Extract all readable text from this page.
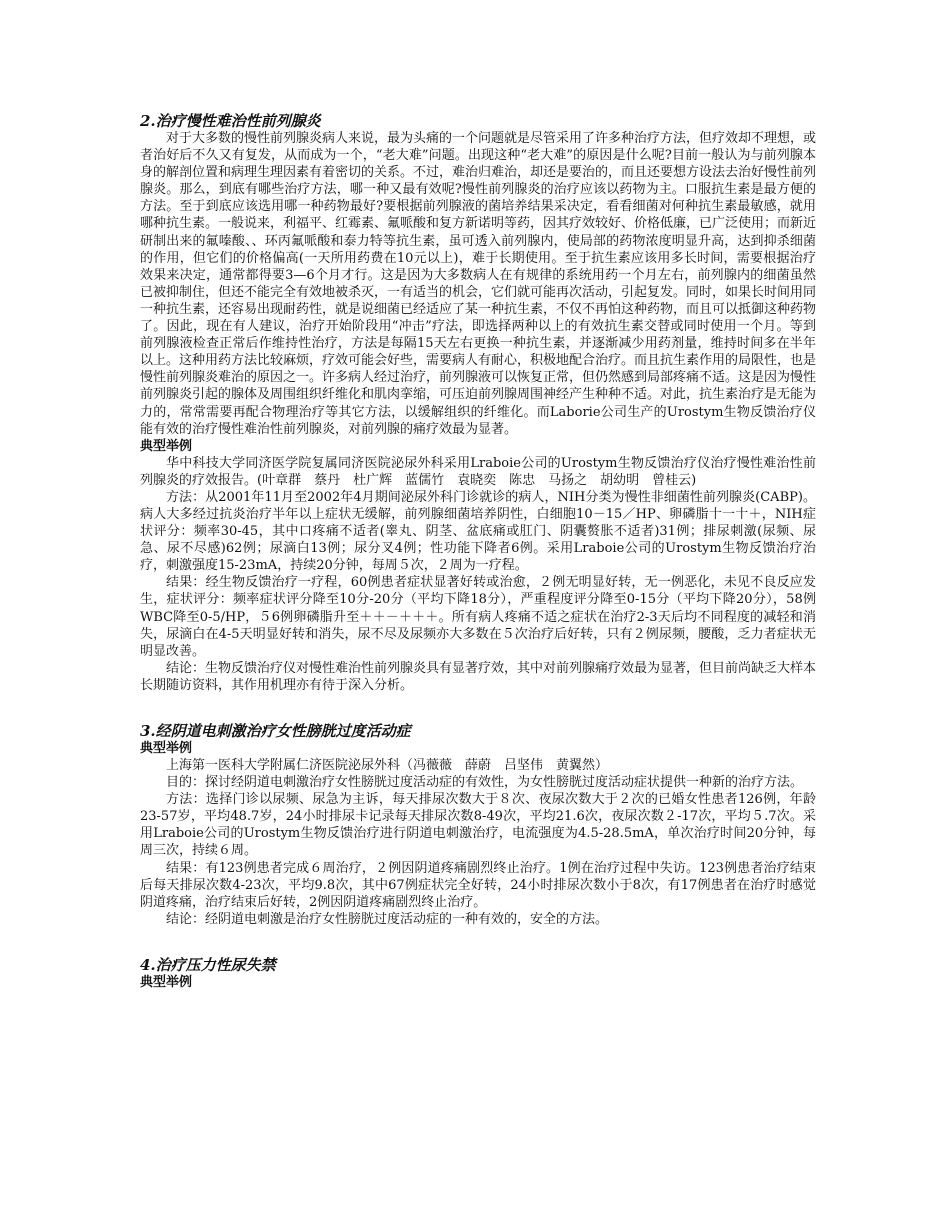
2.治疗慢性难治性前列腺炎

对于大多数的慢性前列腺炎病人来说，最为头痛的一个问题就是尽管采用了许多种治疗方法，但疗效却不理想，或者治好后不久又有复发，从而成为一个，“老大难”问题。出现这种“老大难”的原因是什么呢?目前一般认为与前列腺本身的解剖位置和病理生理因素有着密切的关系。不过，难治归难治，却还是要治的，而且还要想方设法去治好慢性前列腺炎。那么，到底有哪些治疗方法，哪一种又最有效呢?慢性前列腺炎的治疗应该以药物为主。口服抗生素是最方便的方法。至于到底应该选用哪一种药物最好?要根据前列腺液的菌培养结果采决定，看看细菌对何种抗生素最敏感，就用哪种抗生素。一般说来，利福平、红霉素、氟哌酸和复方新诺明等药，因其疗效较好、价格低廉，已广泛使用；而新近研制出来的氟嗪酸、、环丙氟哌酸和泰力特等抗生素，虽可透入前列腺内，使局部的药物浓度明显升高，达到抑杀细菌的作用，但它们的价格偏高(一天所用药费在10元以上)，难于长期使用。至于抗生素应该用多长时间，需要根据治疗效果来决定，通常都得要3—6个月才行。这是因为大多数病人在有规律的系统用药一个月左右，前列腺内的细菌虽然已被抑制住，但还不能完全有效地被杀灭，一有适当的机会，它们就可能再次活动，引起复发。同时，如果长时间用同一种抗生素，还容易出现耐药性，就是说细菌已经适应了某一种抗生素，不仅不再怕这种药物，而且可以抵御这种药物了。因此，现在有人建议，治疗开始阶段用“冲击”疗法，即选择两种以上的有效抗生素交替或同时使用一个月。等到前列腺液检查正常后作维持性治疗，方法是每隔15天左右更换一种抗生素，并逐渐减少用药剂量，维持时间多在半年以上。这种用药方法比较麻烦，疗效可能会好些，需要病人有耐心，积极地配合治疗。而且抗生素作用的局限性，也是慢性前列腺炎难治的原因之一。许多病人经过治疗，前列腺液可以恢复正常，但仍然感到局部疼痛不适。这是因为慢性前列腺炎引起的腺体及周围组织纤维化和肌肉挛缩，可压迫前列腺周围神经产生种种不适。对此，抗生素治疗是无能为力的，常常需要再配合物理治疗等其它方法，以缓解组织的纤维化。而Laborie公司生产的Urostym生物反馈治疗仪能有效的治疗慢性难治性前列腺炎，对前列腺的痛疗效最为显著。

典型举例

华中科技大学同济医学院复属同济医院泌尿外科采用Lraboie公司的Urostym生物反馈治疗仪治疗慢性难治性前列腺炎的疗效报告。(叶章群　蔡丹　杜广辉　蓝儒竹　袁晓奕　陈忠　马扬之　胡幼明　曾桂云)

方法：从2001年11月至2002年4月期间泌尿外科门诊就诊的病人，NIH分类为慢性非细菌性前列腺炎(CABP)。病人大多经过抗炎治疗半年以上症状无缓解，前列腺细菌培养阴性，白细胞10－15／HP、卵磷脂十一十＋，NIH症状评分：频率30-45，其中口疼痛不适者(睾丸、阴茎、盆底痛或肛门、阴囊赘胀不适者)31例；排尿刺激(尿频、尿急、尿不尽感)62例；尿滴白13例；尿分叉4例；性功能下降者6例。采用Lraboie公司的Urostym生物反馈治疗治疗，刺激强度15-23mA，持续20分钟，每周５次，２周为一疗程。

结果：经生物反馈治疗一疗程，60例患者症状显著好转或治愈，２例无明显好转，无一例恶化，未见不良反应发生，症状评分：频率症状评分降至10分-20分（平均下降18分），严重程度评分降至0-15分（平均下降20分），58例WBC降至0-5/HP，５6例卵磷脂升至＋＋－＋＋＋。所有病人疼痛不适之症状在治疗2-3天后均不同程度的减轻和消失，尿滴白在4-5天明显好转和消失，尿不尽及尿频亦大多数在５次治疗后好转，只有２例尿频，腰酸，乏力者症状无明显改善。

结论：生物反馈治疗仪对慢性难治性前列腺炎具有显著疗效，其中对前列腺痛疗效最为显著，但目前尚缺乏大样本长期随访资料，其作用机理亦有待于深入分析。

3.经阴道电刺激治疗女性膀胱过度活动症
典型举例

上海第一医科大学附属仁济医院泌尿外科（冯薇薇　薛蔚　吕坚伟　黄翼然）

目的：探讨经阴道电刺激治疗女性膀胱过度活动症的有效性，为女性膀胱过度活动症状提供一种新的治疗方法。

方法：选择门诊以尿频、尿急为主诉，每天排尿次数大于８次、夜尿次数大于２次的已婚女性患者126例，年龄23-57岁，平均48.7岁，24小时排尿卡记录每天排尿次数8-49次，平均21.6次，夜尿次数２-17次，平均５.7次。采用Lraboie公司的Urostym生物反馈治疗进行阴道电刺激治疗，电流强度为4.5-28.5mA，单次治疗时间20分钟，每周三次，持续６周。

结果：有123例患者完成６周治疗，２例因阴道疼痛剧烈终止治疗。1例在治疗过程中失访。123例患者治疗结束后每天排尿次数4-23次，平均9.8次，其中67例症状完全好转，24小时排尿次数小于8次，有17例患者在治疗时感觉阴道疼痛，治疗结束后好转，2例因阴道疼痛剧烈终止治疗。

结论：经阴道电刺激是治疗女性膀胱过度活动症的一种有效的，安全的方法。

4.治疗压力性尿失禁
典型举例
